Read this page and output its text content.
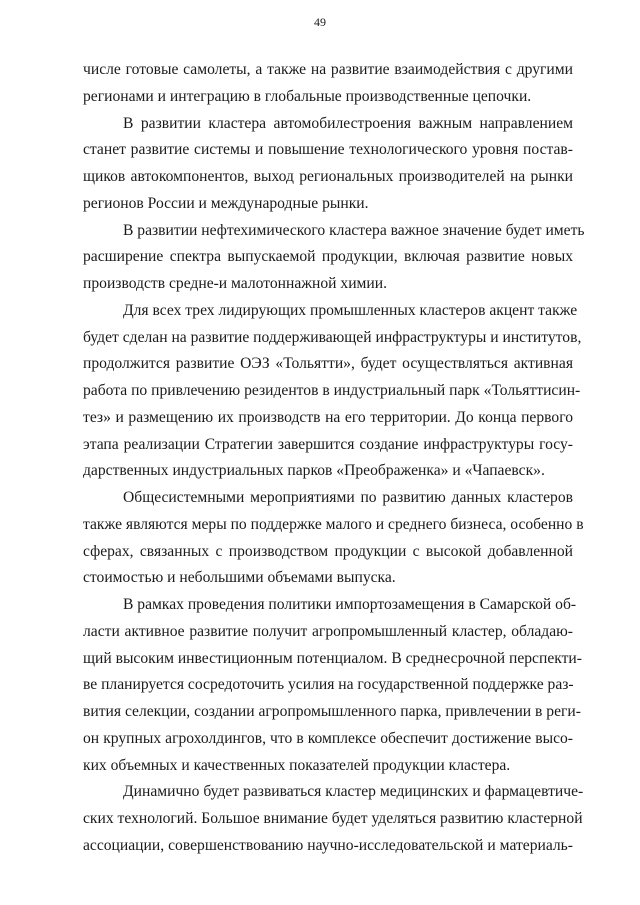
49
числе готовые самолеты, а также на развитие взаимодействия с другими
регионами и интеграцию в глобальные производственные цепочки.
В развитии кластера автомобилестроения важным направлением
станет развитие системы и повышение технологического уровня постав-
щиков автокомпонентов, выход региональных производителей на рынки
регионов России и международные рынки.
В развитии нефтехимического кластера важное значение будет иметь
расширение спектра выпускаемой продукции, включая развитие новых
производств средне-и малотоннажной химии.
Для всех трех лидирующих промышленных кластеров акцент также
будет сделан на развитие поддерживающей инфраструктуры и институтов,
продолжится развитие ОЭЗ «Тольятти», будет осуществляться активная
работа по привлечению резидентов в индустриальный парк «Тольяттисин-
тез» и размещению их производств на его территории. До конца первого
этапа реализации Стратегии завершится создание инфраструктуры госу-
дарственных индустриальных парков «Преображенка» и «Чапаевск».
Общесистемными мероприятиями по развитию данных кластеров
также являются меры по поддержке малого и среднего бизнеса, особенно в
сферах, связанных с производством продукции с высокой добавленной
стоимостью и небольшими объемами выпуска.
В рамках проведения политики импортозамещения в Самарской об-
ласти активное развитие получит агропромышленный кластер, обладаю-
щий высоким инвестиционным потенциалом. В среднесрочной перспекти-
ве планируется сосредоточить усилия на государственной поддержке раз-
вития селекции, создании агропромышленного парка, привлечении в реги-
он крупных агрохолдингов, что в комплексе обеспечит достижение высо-
ких объемных и качественных показателей продукции кластера.
Динамично будет развиваться кластер медицинских и фармацевтиче-
ских технологий. Большое внимание будет уделяться развитию кластерной
ассоциации, совершенствованию научно-исследовательской и материаль-
